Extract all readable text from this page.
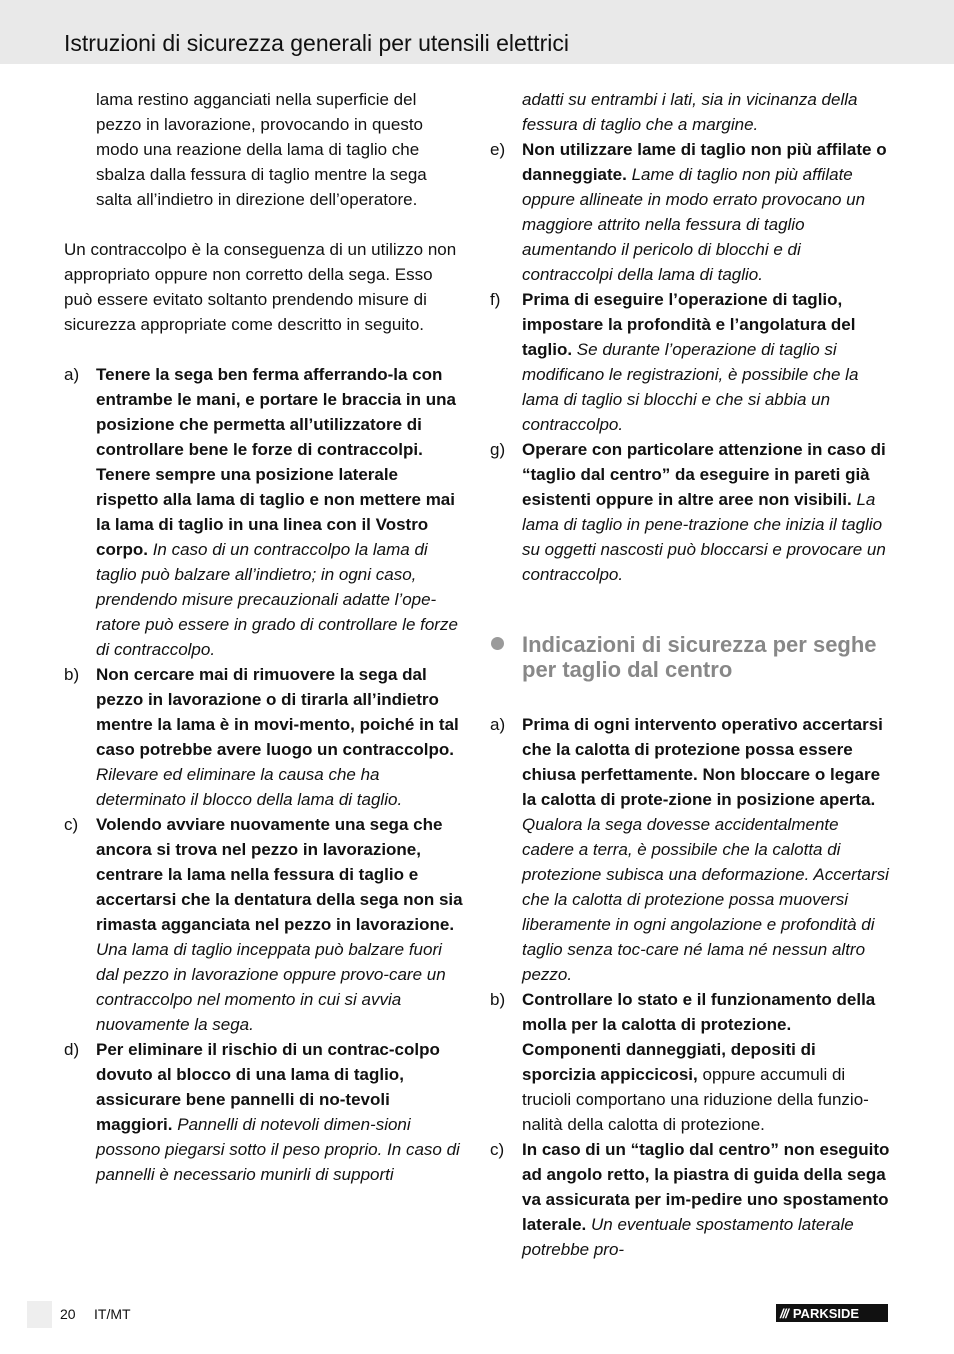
Istruzioni di sicurezza generali per utensili elettrici
lama restino agganciati nella superficie del pezzo in lavorazione, provocando in questo modo una reazione della lama di taglio che sbalza dalla fessura di taglio mentre la sega salta all’indietro in direzione dell’operatore.
Un contraccolpo è la conseguenza di un utilizzo non appropriato oppure non corretto della sega. Esso può essere evitato soltanto prendendo misure di sicurezza appropriate come descritto in seguito.
a) Tenere la sega ben ferma afferrando-la con entrambe le mani, e portare le braccia in una posizione che permetta all’utilizzatore di controllare bene le forze di contraccolpi. Tenere sempre una posizione laterale rispetto alla lama di taglio e non mettere mai la lama di taglio in una linea con il Vostro corpo. In caso di un contraccolpo la lama di taglio può balzare all’indietro; in ogni caso, prendendo misure precauzionali adatte l’ope-ratore può essere in grado di controllare le forze di contraccolpo.
b) Non cercare mai di rimuovere la sega dal pezzo in lavorazione o di tirarla all’indietro mentre la lama è in movi-mento, poiché in tal caso potrebbe avere luogo un contraccolpo. Rilevare ed eliminare la causa che ha determinato il blocco della lama di taglio.
c)	Volendo avviare nuovamente una sega che ancora si trova nel pezzo in lavorazione, centrare la lama nella fessura di taglio e accertarsi che la dentatura della sega non sia rimasta agganciata nel pezzo in lavorazione. Una lama di taglio inceppata può balzare fuori dal pezzo in lavorazione oppure provo-care un contraccolpo nel momento in cui si avvia nuovamente la sega.
d) Per eliminare il rischio di un contrac-colpo dovuto al blocco di una lama di taglio, assicurare bene pannelli di no-tevoli maggiori. Pannelli di notevoli dimen-sioni possono piegarsi sotto il peso proprio. In caso di pannelli è necessario munirli di supporti
adatti su entrambi i lati, sia in vicinanza della fessura di taglio che a margine.
e) Non utilizzare lame di taglio non più affilate o danneggiate. Lame di taglio non più affilate oppure allineate in modo errato provocano un maggiore attrito nella fessura di taglio aumentando il pericolo di blocchi e di contraccolpi della lama di taglio.
f)	Prima di eseguire l’operazione di taglio, impostare la profondità e l’angolatura del taglio. Se durante l’operazione di taglio si modificano le registrazioni, è possibile che la lama di taglio si blocchi e che si abbia un contraccolpo.
g) Operare con particolare attenzione in caso di “taglio dal centro” da eseguire in pareti già esistenti oppure in altre aree non visibili. La lama di taglio in pene-trazione che inizia il taglio su oggetti nascosti può bloccarsi e provocare un contraccolpo.
Indicazioni di sicurezza per seghe per taglio dal centro
a) Prima di ogni intervento operativo accertarsi che la calotta di protezione possa essere chiusa perfettamente. Non bloccare o legare la calotta di prote-zione in posizione aperta. Qualora la sega dovesse accidentalmente cadere a terra, è possibile che la calotta di protezione subisca una deformazione. Accertarsi che la calotta di protezione possa muoversi liberamente in ogni angolazione e profondità di taglio senza toc-care né lama né nessun altro pezzo.
b) Controllare lo stato e il funzionamento della molla per la calotta di protezione. Componenti danneggiati, depositi di sporcizia appiccicosi, oppure accumuli di trucioli comportano una riduzione della funzio-nalità della calotta di protezione.
c)	In caso di un “taglio dal centro” non eseguito ad angolo retto, la piastra di guida della sega va assicurata per im-pedire uno spostamento laterale. Un eventuale spostamento laterale potrebbe pro-
20 IT/MT	/// PARKSIDE
